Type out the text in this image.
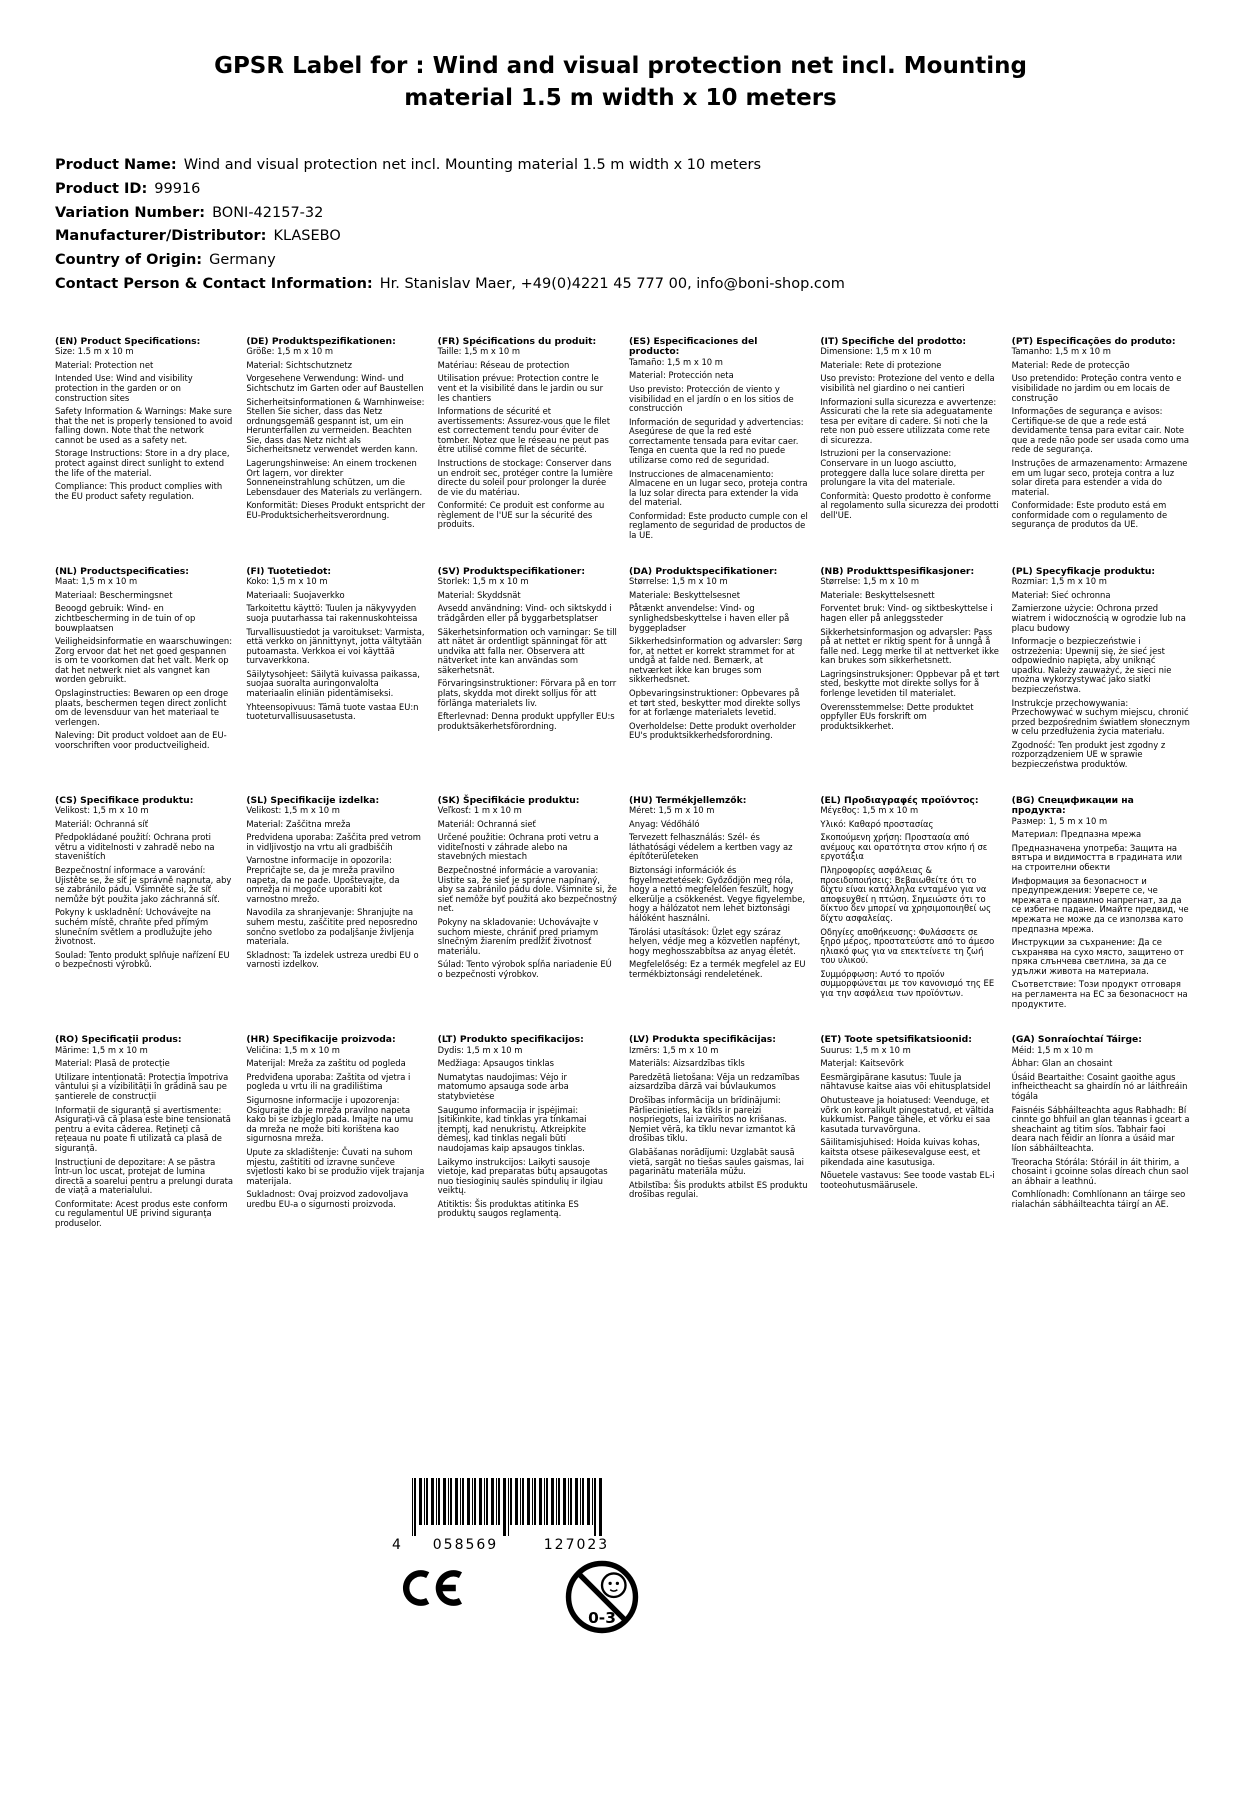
GPSR Label for : Wind and visual protection net incl. Mounting material 1.5 m width x 10 meters
Product Name: Wind and visual protection net incl. Mounting material 1.5 m width x 10 meters
Product ID: 99916
Variation Number: BONI-42157-32
Manufacturer/Distributor: KLASEBO
Country of Origin: Germany
Contact Person & Contact Information: Hr. Stanislav Maer, +49(0)4221 45 777 00, info@boni-shop.com
(EN) Product Specifications:

Size: 1.5 m x 10 m

Material: Protection net

Intended Use: Wind and visibility protection in the garden or on construction sites

Safety Information & Warnings: Make sure that the net is properly tensioned to avoid falling down. Note that the network cannot be used as a safety net.

Storage Instructions: Store in a dry place, protect against direct sunlight to extend the life of the material.

Compliance: This product complies with the EU product safety regulation.

(DE) Produktspezifikationen:

Größe: 1,5 m x 10 m

Material: Sichtschutznetz

Vorgesehene Verwendung: Wind- und Sichtschutz im Garten oder auf Baustellen

Sicherheitsinformationen & Warnhinweise: Stellen Sie sicher, dass das Netz ordnungsgemäß gespannt ist, um ein Herunterfallen zu vermeiden. Beachten Sie, dass das Netz nicht als Sicherheitsnetz verwendet werden kann.

Lagerungshinweise: An einem trockenen Ort lagern, vor direkter Sonneneinstrahlung schützen, um die Lebensdauer des Materials zu verlängern.

Konformität: Dieses Produkt entspricht der EU-Produktsicherheitsverordnung.

(FR) Spécifications du produit:

Taille: 1,5 m x 10 m

Matériau: Réseau de protection

Utilisation prévue: Protection contre le vent et la visibilité dans le jardin ou sur les chantiers

Informations de sécurité et avertissements: Assurez-vous que le filet est correctement tendu pour éviter de tomber. Notez que le réseau ne peut pas être utilisé comme filet de sécurité.

Instructions de stockage: Conserver dans un endroit sec, protéger contre la lumière directe du soleil pour prolonger la durée de vie du matériau.

Conformité: Ce produit est conforme au règlement de l'UE sur la sécurité des produits.

(ES) Especificaciones del producto:

Tamaño: 1,5 m x 10 m

Material: Protección neta

Uso previsto: Protección de viento y visibilidad en el jardín o en los sitios de construcción

Información de seguridad y advertencias: Asegúrese de que la red esté correctamente tensada para evitar caer. Tenga en cuenta que la red no puede utilizarse como red de seguridad.

Instrucciones de almacenamiento: Almacene en un lugar seco, proteja contra la luz solar directa para extender la vida del material.

Conformidad: Este producto cumple con el reglamento de seguridad de productos de la UE.

(IT) Specifiche del prodotto:

Dimensione: 1,5 m x 10 m

Materiale: Rete di protezione

Uso previsto: Protezione del vento e della visibilità nel giardino o nei cantieri

Informazioni sulla sicurezza e avvertenze: Assicurati che la rete sia adeguatamente tesa per evitare di cadere. Si noti che la rete non può essere utilizzata come rete di sicurezza.

Istruzioni per la conservazione: Conservare in un luogo asciutto, proteggere dalla luce solare diretta per prolungare la vita del materiale.

Conformità: Questo prodotto è conforme al regolamento sulla sicurezza dei prodotti dell'UE.

(PT) Especificações do produto:

Tamanho: 1,5 m x 10 m

Material: Rede de protecção

Uso pretendido: Proteção contra vento e visibilidade no jardim ou em locais de construção

Informações de segurança e avisos: Certifique-se de que a rede está devidamente tensa para evitar cair. Note que a rede não pode ser usada como uma rede de segurança.

Instruções de armazenamento: Armazene em um lugar seco, proteja contra a luz solar direta para estender a vida do material.

Conformidade: Este produto está em conformidade com o regulamento de segurança de produtos da UE.

(NL) Productspecificaties:

Maat: 1,5 m x 10 m

Materiaal: Beschermingsnet

Beoogd gebruik: Wind- en zichtbescherming in de tuin of op bouwplaatsen

Veiligheidsinformatie en waarschuwingen: Zorg ervoor dat het net goed gespannen is om te voorkomen dat het valt. Merk op dat het netwerk niet als vangnet kan worden gebruikt.

Opslaginstructies: Bewaren op een droge plaats, beschermen tegen direct zonlicht om de levensduur van het materiaal te verlengen.

Naleving: Dit product voldoet aan de EU-voorschriften voor productveiligheid.

(FI) Tuotetiedot:

Koko: 1,5 m x 10 m

Materiaali: Suojaverkko

Tarkoitettu käyttö: Tuulen ja näkyvyyden suoja puutarhassa tai rakennuskohteissa

Turvallisuustiedot ja varoitukset: Varmista, että verkko on jännittynyt, jotta vältytään putoamasta. Verkkoa ei voi käyttää turvaverkkona.

Säilytysohjeet: Säilytä kuivassa paikassa, suojaa suoralta auringonvalolta materiaalin eliniän pidentämiseksi.

Yhteensopivuus: Tämä tuote vastaa EU:n tuoteturvallisuusasetusta.

(SV) Produktspecifikationer:

Storlek: 1,5 m x 10 m

Material: Skyddsnät

Avsedd användning: Vind- och siktskydd i trädgården eller på byggarbetsplatser

Säkerhetsinformation och varningar: Se till att nätet är ordentligt spänningat för att undvika att falla ner. Observera att nätverket inte kan användas som säkerhetsnät.

Förvaringsinstruktioner: Förvara på en torr plats, skydda mot direkt solljus för att förlänga materialets liv.

Efterlevnad: Denna produkt uppfyller EU:s produktsäkerhetsförordning.

(DA) Produktspecifikationer:

Størrelse: 1,5 m x 10 m

Materiale: Beskyttelsesnet

Påtænkt anvendelse: Vind- og synlighedsbeskyttelse i haven eller på byggepladser

Sikkerhedsinformation og advarsler: Sørg for, at nettet er korrekt strammet for at undgå at falde ned. Bemærk, at netværket ikke kan bruges som sikkerhedsnet.

Opbevaringsinstruktioner: Opbevares på et tørt sted, beskytter mod direkte sollys for at forlænge materialets levetid.

Overholdelse: Dette produkt overholder EU's produktsikkerhedsforordning.

(NB) Produkttspesifikasjoner:

Størrelse: 1,5 m x 10 m

Materiale: Beskyttelsesnett

Forventet bruk: Vind- og siktbeskyttelse i hagen eller på anleggssteder

Sikkerhetsinformasjon og advarsler: Pass på at nettet er riktig spent for å unngå å falle ned. Legg merke til at nettverket ikke kan brukes som sikkerhetsnett.

Lagringsinstruksjoner: Oppbevar på et tørt sted, beskytte mot direkte sollys for å forlenge levetiden til materialet.

Overensstemmelse: Dette produktet oppfyller EUs forskrift om produktsikkerhet.

(PL) Specyfikacje produktu:

Rozmiar: 1,5 m x 10 m

Materiał: Sieć ochronna

Zamierzone użycie: Ochrona przed wiatrem i widocznością w ogrodzie lub na placu budowy

Informacje o bezpieczeństwie i ostrzeżenia: Upewnij się, że sieć jest odpowiednio napięta, aby uniknąć upadku. Należy zauważyć, że sieci nie można wykorzystywać jako siatki bezpieczeństwa.

Instrukcje przechowywania: Przechowywać w suchym miejscu, chronić przed bezpośrednim światłem słonecznym w celu przedłużenia życia materiału.

Zgodność: Ten produkt jest zgodny z rozporządzeniem UE w sprawie bezpieczeństwa produktów.

(CS) Specifikace produktu:

Velikost: 1,5 m x 10 m

Materiál: Ochranná síť

Předpokládané použití: Ochrana proti větru a viditelnosti v zahradě nebo na staveništích

Bezpečnostní informace a varování: Ujistěte se, že síť je správně napnuta, aby se zabránilo pádu. Všimněte si, že síť nemůže být použita jako záchranná síť.

Pokyny k uskladnění: Uchovávejte na suchém místě, chraňte před přímým slunečním světlem a prodlužujte jeho životnost.

Soulad: Tento produkt splňuje nařízení EU o bezpečnosti výrobků.

(SL) Specifikacije izdelka:

Velikost: 1,5 m x 10 m

Material: Zaščitna mreža

Predvidena uporaba: Zaščita pred vetrom in vidljivostjo na vrtu ali gradbiščih

Varnostne informacije in opozorila: Prepričajte se, da je mreža pravilno napeta, da ne pade. Upoštevajte, da omrežja ni mogoče uporabiti kot varnostno mrežo.

Navodila za shranjevanje: Shranjujte na suhem mestu, zaščitite pred neposredno sončno svetlobo za podaljšanje življenja materiala.

Skladnost: Ta izdelek ustreza uredbi EU o varnosti izdelkov.

(SK) Špecifikácie produktu:

Veľkosť: 1 m x 10 m

Materiál: Ochranná sieť

Určené použitie: Ochrana proti vetru a viditeľnosti v záhrade alebo na stavebných miestach

Bezpečnostné informácie a varovania: Uistite sa, že sieť je správne napínaný, aby sa zabránilo pádu dole. Všimnite si, že sieť nemôže byť použitá ako bezpečnostný net.

Pokyny na skladovanie: Uchovávajte v suchom mieste, chrániť pred priamym slnečným žiarením predĺžiť životnosť materiálu.

Súlad: Tento výrobok spĺňa nariadenie EÚ o bezpečnosti výrobkov.

(HU) Termékjellemzők:

Méret: 1,5 m x 10 m

Anyag: Védőháló

Tervezett felhasználás: Szél- és láthatósági védelem a kertben vagy az építőterületeken

Biztonsági információk és figyelmeztetések: Győződjön meg róla, hogy a nettó megfelelően feszült, hogy elkerülje a csökkenést. Vegye figyelembe, hogy a hálózatot nem lehet biztonsági hálóként használni.

Tárolási utasítások: Üzlet egy száraz helyen, védje meg a közvetlen napfényt, hogy meghosszabbítsa az anyag életét.

Megfelelőség: Ez a termék megfelel az EU termékbiztonsági rendeletének.

(EL) Προδιαγραφές προϊόντος:

Μέγεθος: 1,5 m x 10 m

Υλικό: Καθαρό προστασίας

Σκοπούμενη χρήση: Προστασία από ανέμους και ορατότητα στον κήπο ή σε εργοτάξια

Πληροφορίες ασφάλειας & προειδοποιήσεις: Βεβαιωθείτε ότι το δίχτυ είναι κατάλληλα ενταμένο για να αποφευχθεί η πτώση. Σημειώστε ότι το δίκτυο δεν μπορεί να χρησιμοποιηθεί ως δίχτυ ασφαλείας.

Οδηγίες αποθήκευσης: Φυλάσσετε σε ξηρό μέρος, προστατεύστε από το άμεσο ηλιακό φως για να επεκτείνετε τη ζωή του υλικού.

Συμμόρφωση: Αυτό το προϊόν συμμορφώνεται με τον κανονισμό της ΕΕ για την ασφάλεια των προϊόντων.

(BG) Спецификации на продукта:

Размер: 1, 5 m x 10 m

Материал: Предпазна мрежа

Предназначена употреба: Защита на вятъра и видимостта в градината или на строителни обекти

Информация за безопасност и предупреждения: Уверете се, че мрежата е правилно напрегнат, за да се избегне падане. Имайте предвид, че мрежата не може да се използва като предпазна мрежа.

Инструкции за съхранение: Да се съхранява на сухо място, защитено от пряка слънчева светлина, за да се удължи живота на материала.

Съответствие: Този продукт отговаря на регламента на ЕС за безопасност на продуктите.

(RO) Specificații produs:

Mărime: 1,5 m x 10 m

Material: Plasă de protecție

Utilizare intenționată: Protecția împotriva vântului și a vizibilității în grădină sau pe șantierele de construcții

Informații de siguranță și avertismente: Asigurați-vă că plasa este bine tensionată pentru a evita căderea. Rețineți că rețeaua nu poate fi utilizată ca plasă de siguranță.

Instrucțiuni de depozitare: A se păstra într-un loc uscat, protejat de lumina directă a soarelui pentru a prelungi durata de viață a materialului.

Conformitate: Acest produs este conform cu regulamentul UE privind siguranța produselor.

(HR) Specifikacije proizvoda:

Veličina: 1,5 m x 10 m

Materijal: Mreža za zaštitu od pogleda

Predviđena uporaba: Zaštita od vjetra i pogleda u vrtu ili na gradilištima

Sigurnosne informacije i upozorenja: Osigurajte da je mreža pravilno napeta kako bi se izbjeglo pada. Imajte na umu da mreža ne može biti korištena kao sigurnosna mreža.

Upute za skladištenje: Čuvati na suhom mjestu, zaštititi od izravne sunčeve svjetlosti kako bi se produžio vijek trajanja materijala.

Sukladnost: Ovaj proizvod zadovoljava uredbu EU-a o sigurnosti proizvoda.

(LT) Produkto specifikacijos:

Dydis: 1,5 m x 10 m

Medžiaga: Apsaugos tinklas

Numatytas naudojimas: Vėjo ir matomumo apsauga sode arba statybvietėse

Saugumo informacija ir įspėjimai: Įsitikinkite, kad tinklas yra tinkamai įtemptį, kad nenukristų. Atkreipkite dėmesį, kad tinklas negali būti naudojamas kaip apsaugos tinklas.

Laikymo instrukcijos: Laikyti sausoje vietoje, kad preparatas būtų apsaugotas nuo tiesioginių saulės spindulių ir ilgiau veiktų.

Atitiktis: Šis produktas atitinka ES produktų saugos reglamentą.

(LV) Produkta specifikācijas:

Izmērs: 1,5 m x 10 m

Materiāls: Aizsardzības tīkls

Paredzētā lietošana: Vēja un redzamības aizsardzība dārzā vai būvlaukumos

Drošības informācija un brīdinājumi: Pārliecinieties, ka tīkls ir pareizi nospriegots, lai izvairītos no krišanas. Ņemiet vērā, ka tīklu nevar izmantot kā drošības tīklu.

Glabāšanas norādījumi: Uzglabāt sausā vietā, sargāt no tiešas saules gaismas, lai pagarinātu materiāla mūžu.

Atbilstība: Šis produkts atbilst ES produktu drošības regulai.

(ET) Toote spetsifikatsioonid:

Suurus: 1,5 m x 10 m

Materjal: Kaitsevõrk

Eesmärgipärane kasutus: Tuule ja nähtavuse kaitse aias või ehitusplatsidel

Ohutusteave ja hoiatused: Veenduge, et võrk on korralikult pingestatud, et vältida kukkumist. Pange tähele, et võrku ei saa kasutada turvavõrguna.

Säilitamisjuhised: Hoida kuivas kohas, kaitsta otsese päikesevalguse eest, et pikendada aine kasutusiga.

Nõuetele vastavus: See toode vastab EL-i tooteohutusmäärusele.

(GA) Sonraíochtaí Táirge:

Méid: 1,5 m x 10 m

Ábhar: Glan an chosaint

Úsáid Beartaithe: Cosaint gaoithe agus infheictheacht sa ghairdín nó ar láithreáin tógála

Faisnéis Sábháilteachta agus Rabhadh: Bí cinnte go bhfuil an glan teannas i gceart a sheachaint ag titim síos. Tabhair faoi deara nach féidir an líonra a úsáid mar líon sábháilteachta.

Treoracha Stórála: Stóráil in áit thirim, a chosaint i gcoinne solas díreach chun saol an ábhair a leathnú.

Comhlíonadh: Comhlíonann an táirge seo rialachán sábháilteachta táirgí an AE.

4	058569	127023
0-3
